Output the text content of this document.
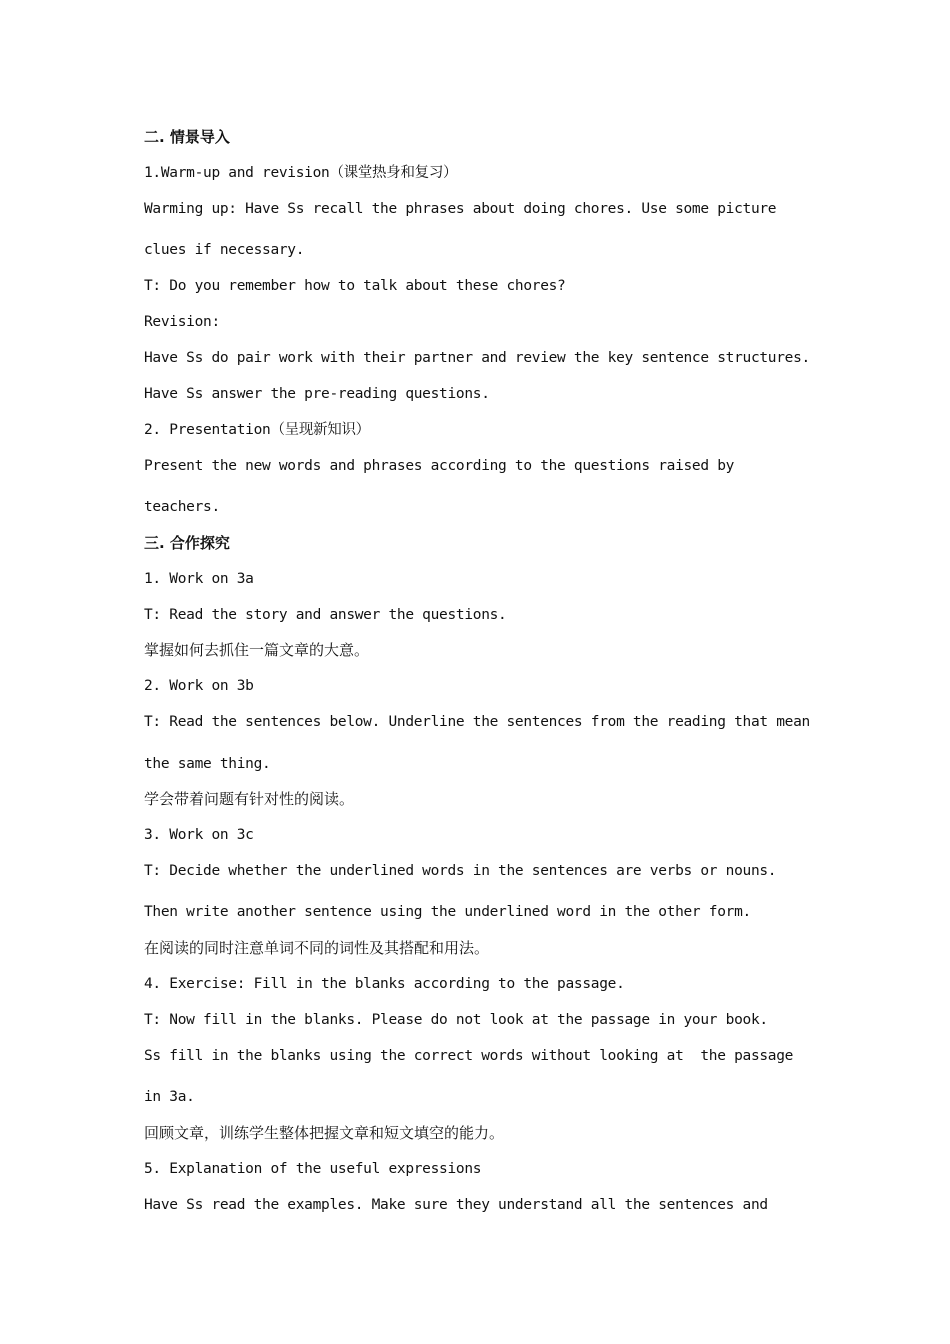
二. 情景导入
1.Warm-up and revision（课堂热身和复习）
Warming up: Have Ss recall the phrases about doing chores. Use some picture
clues if necessary.
T: Do you remember how to talk about these chores?
Revision:
Have Ss do pair work with their partner and review the key sentence structures.
Have Ss answer the pre-reading questions.
2. Presentation（呈现新知识）
Present the new words and phrases according to the questions raised by
teachers.
三. 合作探究
1. Work on 3a
T: Read the story and answer the questions.
掌握如何去抓住一篇文章的大意。
2. Work on 3b
T: Read the sentences below. Underline the sentences from the reading that mean
the same thing.
学会带着问题有针对性的阅读。
3. Work on 3c
T: Decide whether the underlined words in the sentences are verbs or nouns.
Then write another sentence using the underlined word in the other form.
在阅读的同时注意单词不同的词性及其搭配和用法。
4. Exercise: Fill in the blanks according to the passage.
T: Now fill in the blanks. Please do not look at the passage in your book.
Ss fill in the blanks using the correct words without looking at  the passage
in 3a.
回顾文章，训练学生整体把握文章和短文填空的能力。
5. Explanation of the useful expressions
Have Ss read the examples. Make sure they understand all the sentences and
